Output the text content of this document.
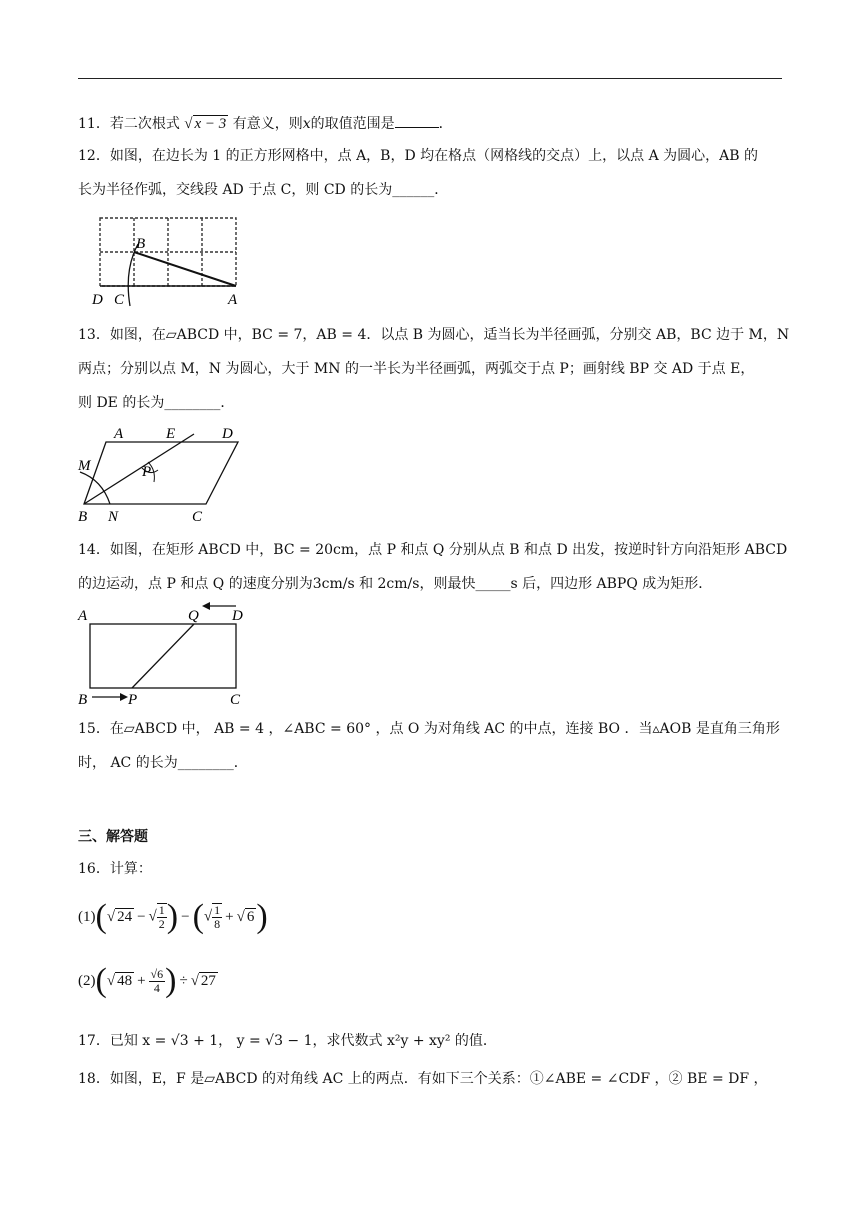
11．若二次根式 √ x − 3 有意义，则x的取值范围是	．
12．如图，在边长为 1 的正方形网格中，点 A，B，D 均在格点（网格线的交点）上，以点 A 为圆心，AB 的
长为半径作弧，交线段 AD 于点 C，则 CD 的长为______．
B
D C	A
13．如图，在▱ABCD 中，BC = 7，AB = 4．以点 B 为圆心，适当长为半径画弧，分别交 AB，BC 边于 M，N
两点；分别以点 M，N 为圆心，大于 MN 的一半长为半径画弧，两弧交于点 P；画射线 BP 交 AD 于点 E，
则 DE 的长为________．
A	E	D
M	P
B N	C
14．如图，在矩形 ABCD 中，BC = 20cm，点 P 和点 Q 分别从点 B 和点 D 出发，按逆时针方向沿矩形 ABCD
的边运动，点 P 和点 Q 的速度分别为3cm/s 和 2cm/s，则最快_____s 后，四边形 ABPQ 成为矩形．
A	Q D
B	P	C
15．在▱ABCD 中， AB = 4 ，∠ABC = 60° ，点 O 为对角线 AC 的中点，连接 BO ．当▵AOB 是直角三角形
时， AC 的长为________．
三、解答题
16．计算：
(1) ( √ 24 − √ $\frac{1}{2}$ ) − ( √ $\frac{1}{8}$ + √ 6 )
(2) ( √ $48 + \frac{√6}{4}$ ) ÷ √ 27
17．已知 x = √3 + 1， y = √3 − 1，求代数式 x²y + xy² 的值．
18．如图，E，F 是▱ABCD 的对角线 AC 上的两点．有如下三个关系：①∠ABE = ∠CDF ，② BE = DF ，
